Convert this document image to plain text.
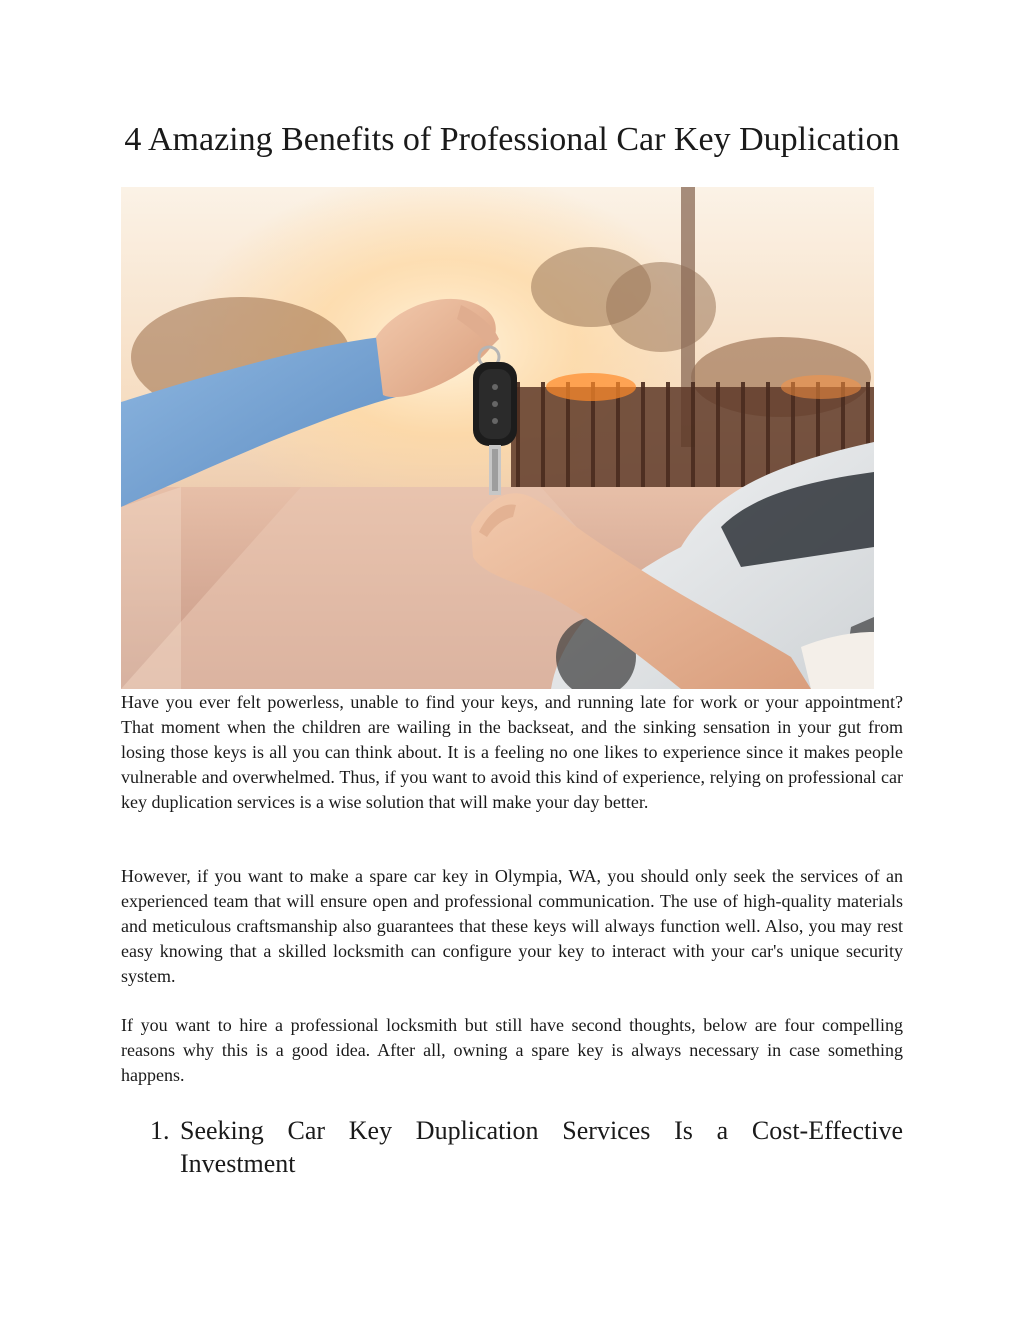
4 Amazing Benefits of Professional Car Key Duplication

Have you ever felt powerless, unable to find your keys, and running late for work or your appointment? That moment when the children are wailing in the backseat, and the sinking sensation in your gut from losing those keys is all you can think about. It is a feeling no one likes to experience since it makes people vulnerable and overwhelmed. Thus, if you want to avoid this kind of experience, relying on professional car key duplication services is a wise solution that will make your day better.

However, if you want to make a spare car key in Olympia, WA, you should only seek the services of an experienced team that will ensure open and professional communication. The use of high-quality materials and meticulous craftsmanship also guarantees that these keys will always function well. Also, you may rest easy knowing that a skilled locksmith can configure your key to interact with your car's unique security system.

If you want to hire a professional locksmith but still have second thoughts, below are four compelling reasons why this is a good idea. After all, owning a spare key is always necessary in case something happens.

1. Seeking Car Key Duplication Services Is a Cost-Effective Investment
